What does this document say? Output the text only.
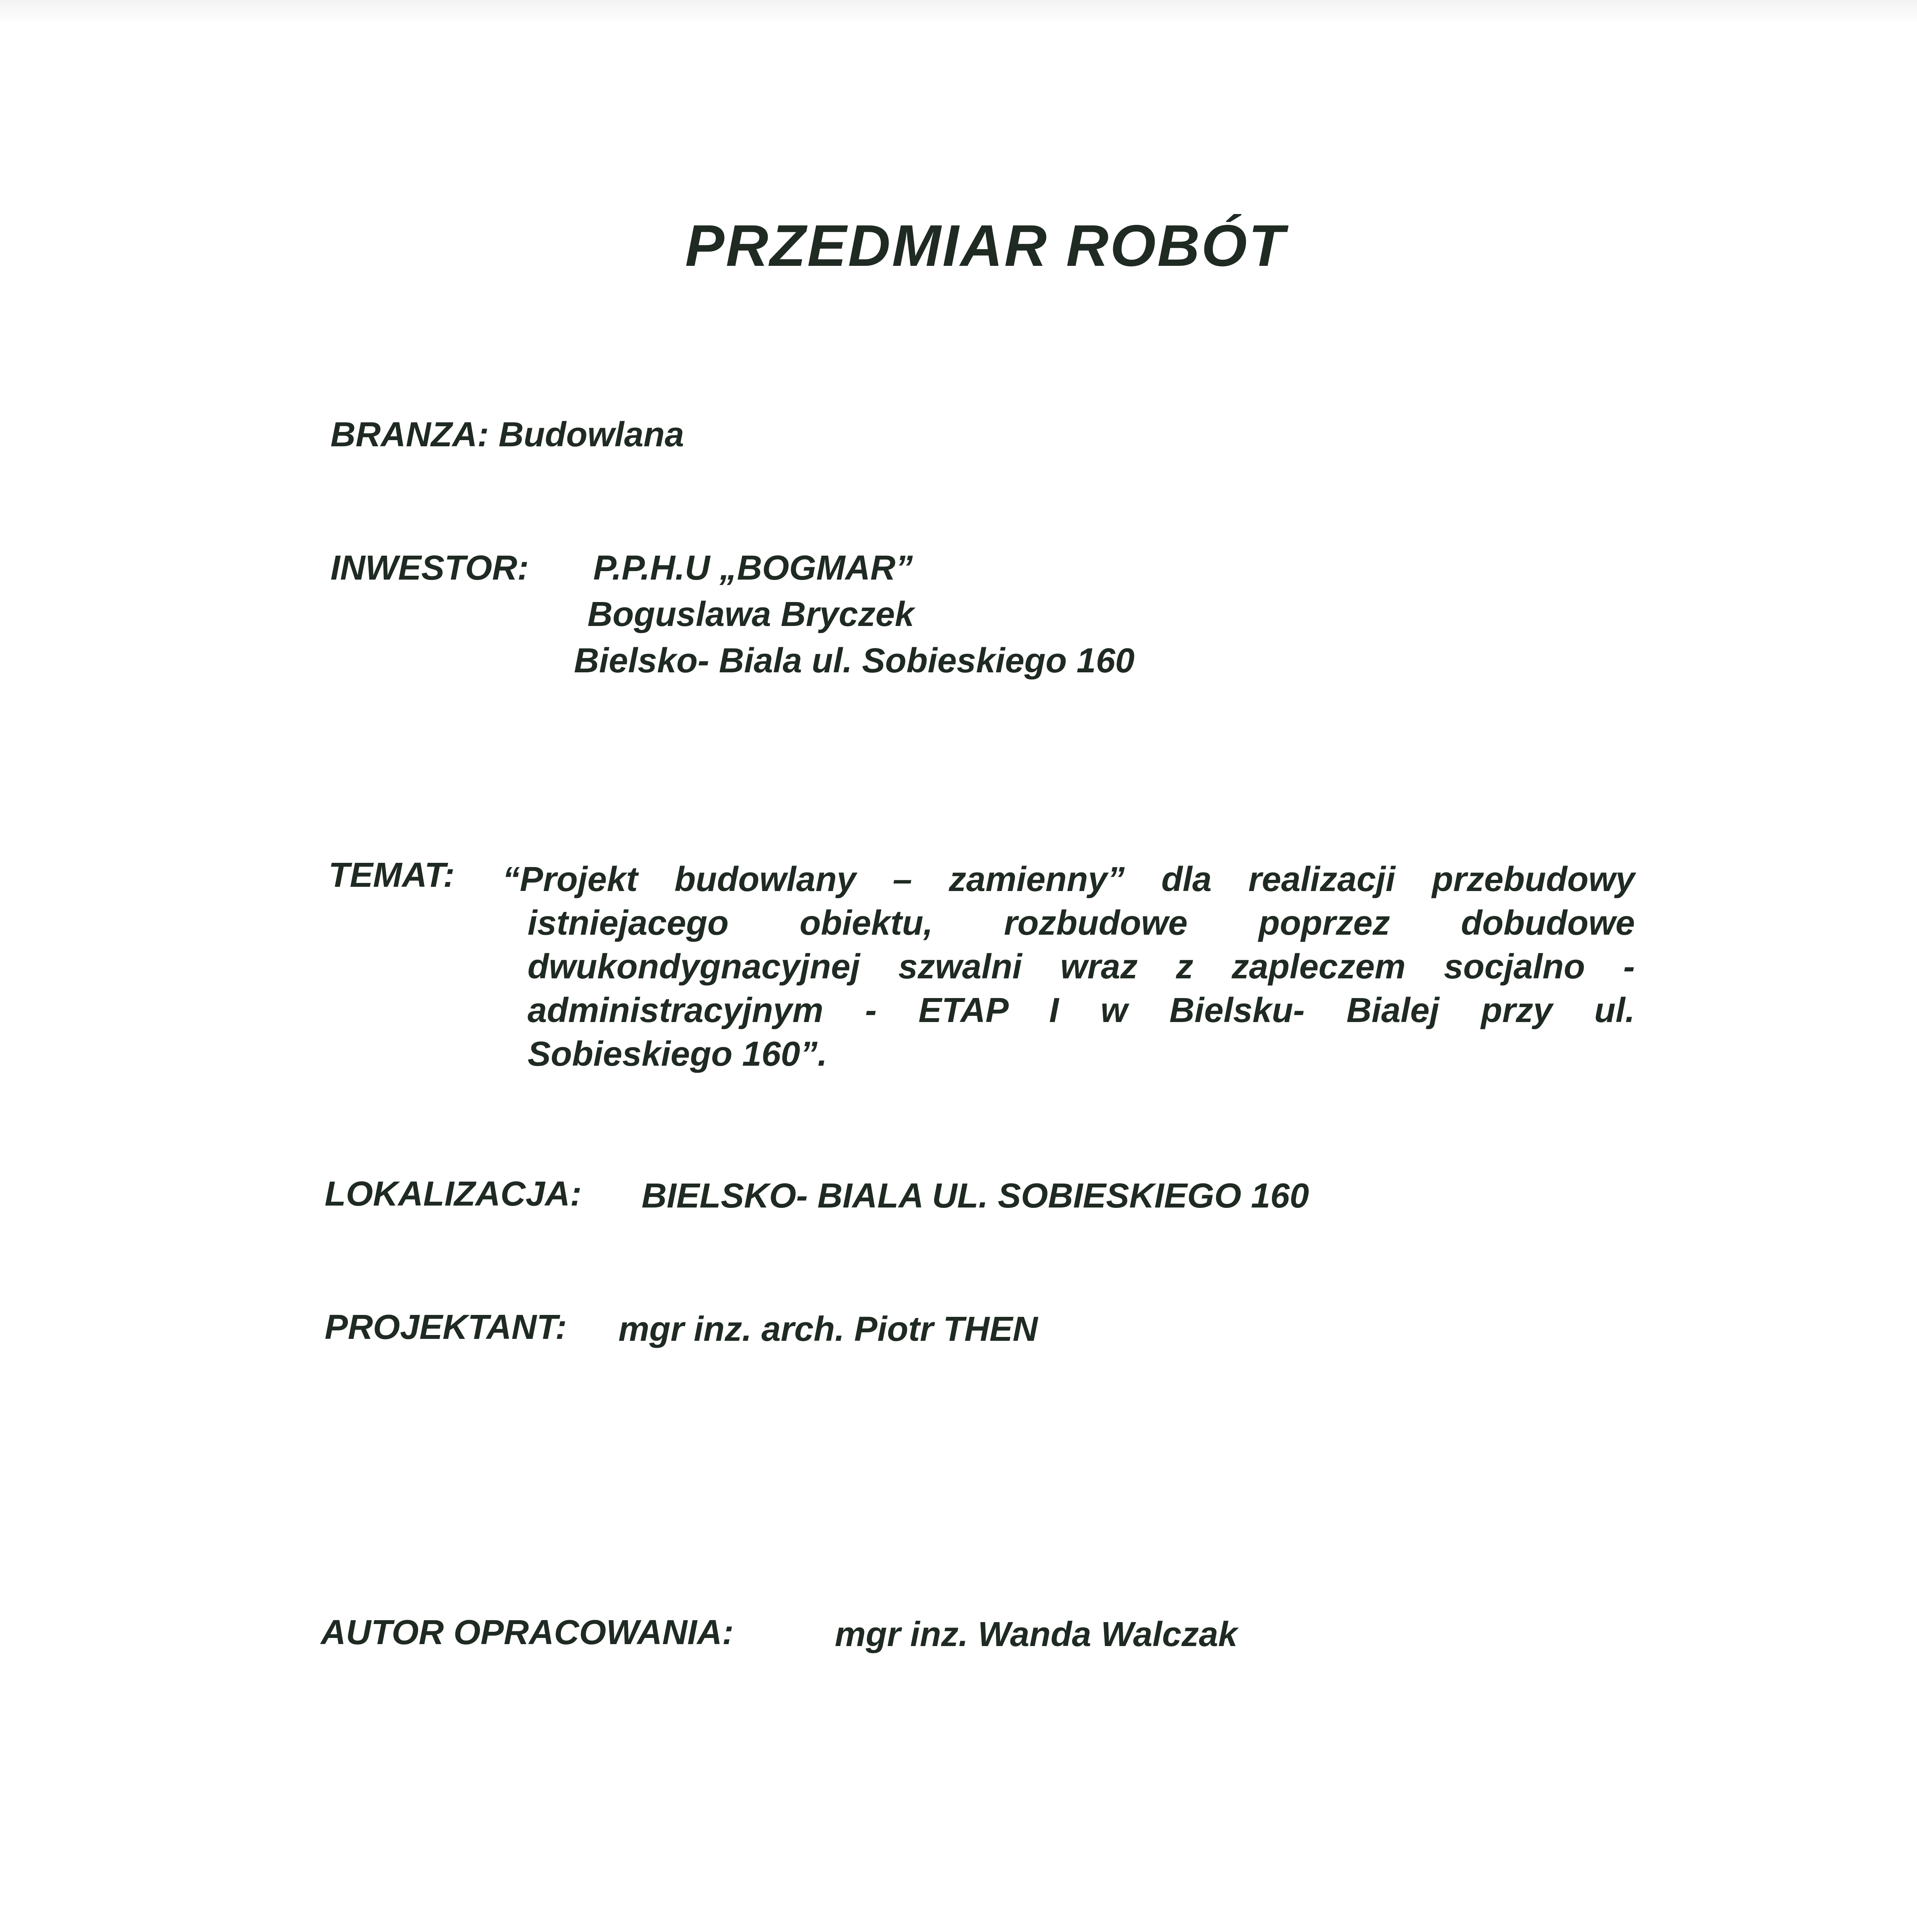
PRZEDMIAR ROBÓT
BRANZA: Budowlana
INWESTOR: P.P.H.U „BOGMAR”
Boguslawa Bryczek
Bielsko- Biala ul. Sobieskiego 160
TEMAT: “Projekt budowlany – zamienny” dla realizacji przebudowy
istniejacego obiektu, rozbudowe poprzez dobudowe
dwukondygnacyjnej szwalni wraz z zapleczem socjalno -
administracyjnym - ETAP I w Bielsku- Bialej przy ul.
Sobieskiego 160”.
LOKALIZACJA: BIELSKO- BIALA UL. SOBIESKIEGO 160
PROJEKTANT: mgr inz. arch. Piotr THEN
AUTOR OPRACOWANIA:	mgr inz. Wanda Walczak
